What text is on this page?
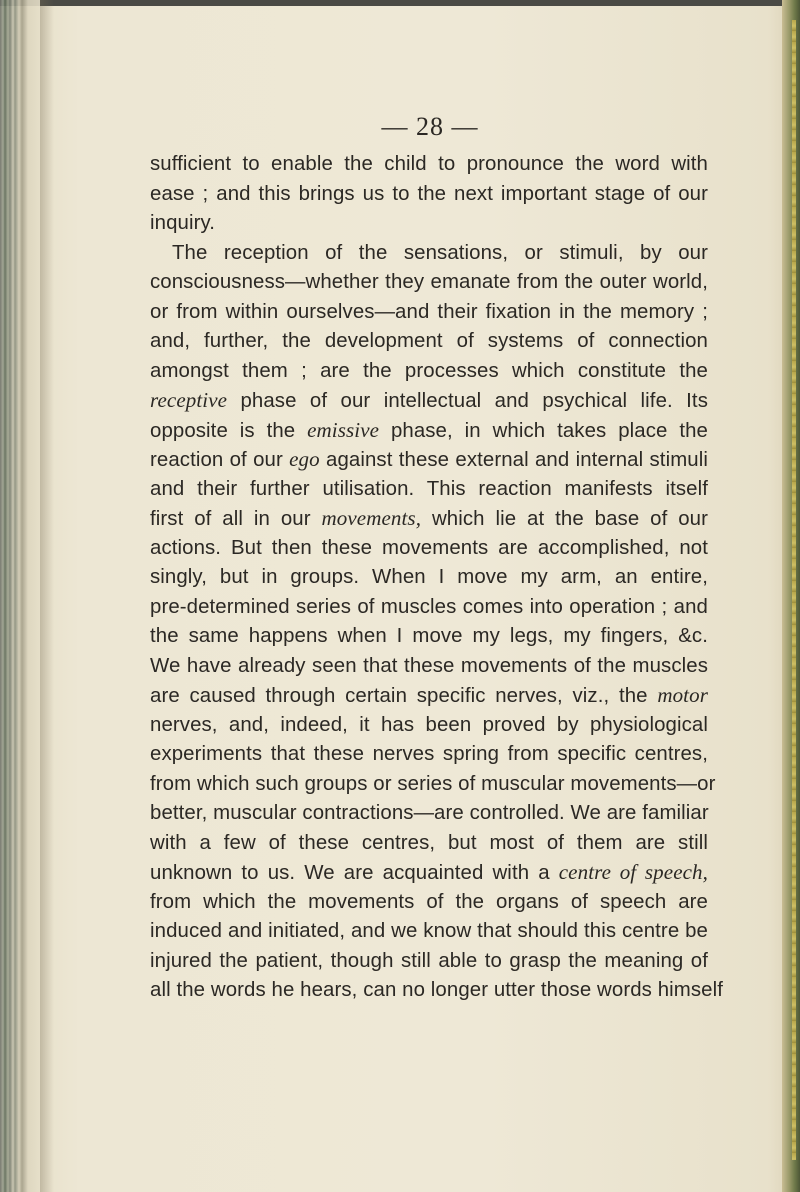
— 28 —
sufficient to enable the child to pronounce the word with
ease ; and this brings us to the next important stage of our
inquiry.
The reception of the sensations, or stimuli, by our
consciousness—whether they emanate from the outer world,
or from within ourselves—and their fixation in the memory ;
and, further, the development of systems of connection
amongst them ; are the processes which constitute the
receptive phase of our intellectual and psychical life. Its
opposite is the emissive phase, in which takes place the
reaction of our ego against these external and internal stimuli
and their further utilisation. This reaction manifests itself
first of all in our movements, which lie at the base of our
actions. But then these movements are accomplished, not
singly, but in groups. When I move my arm, an entire,
pre-determined series of muscles comes into operation ; and
the same happens when I move my legs, my fingers, &c.
We have already seen that these movements of the muscles
are caused through certain specific nerves, viz., the motor
nerves, and, indeed, it has been proved by physiological
experiments that these nerves spring from specific centres,
from which such groups or series of muscular movements—or
better, muscular contractions—are controlled. We are familiar
with a few of these centres, but most of them are still
unknown to us. We are acquainted with a centre of speech,
from which the movements of the organs of speech are
induced and initiated, and we know that should this centre be
injured the patient, though still able to grasp the meaning of
all the words he hears, can no longer utter those words himself
